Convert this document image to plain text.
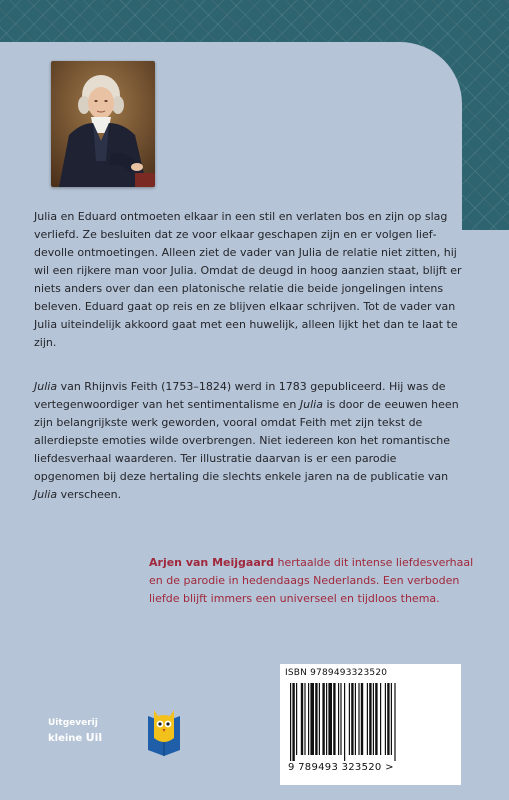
Julia en Eduard ontmoeten elkaar in een stil en verlaten bos en zijn op slag verliefd. Ze besluiten dat ze voor elkaar geschapen zijn en er volgen liefdevolle ontmoetingen. Alleen ziet de vader van Julia de relatie niet zitten, hij wil een rijkere man voor Julia. Omdat de deugd in hoog aanzien staat, blijft er niets anders over dan een platonische relatie die beide jongelingen intens beleven. Eduard gaat op reis en ze blijven elkaar schrijven. Tot de vader van Julia uiteindelijk akkoord gaat met een huwelijk, alleen lijkt het dan te laat te zijn.

Julia van Rhijnvis Feith (1753–1824) werd in 1783 gepubliceerd. Hij was de vertegenwoordiger van het sentimentalisme en Julia is door de eeuwen heen zijn belangrijkste werk geworden, vooral omdat Feith met zijn tekst de allerdiepste emoties wilde overbrengen. Niet iedereen kon het romantische liefdesverhaal waarderen. Ter illustratie daarvan is er een parodie opgenomen bij deze hertaling die slechts enkele jaren na de publicatie van Julia verscheen.

Arjen van Meijgaard hertaalde dit intense liefdesverhaal en de parodie in hedendaags Nederlands. Een verboden liefde blijft immers een universeel en tijdloos thema.

Uitgeverij
kleine Uil
ISBN 9789493323520
9 789493 323520 >
